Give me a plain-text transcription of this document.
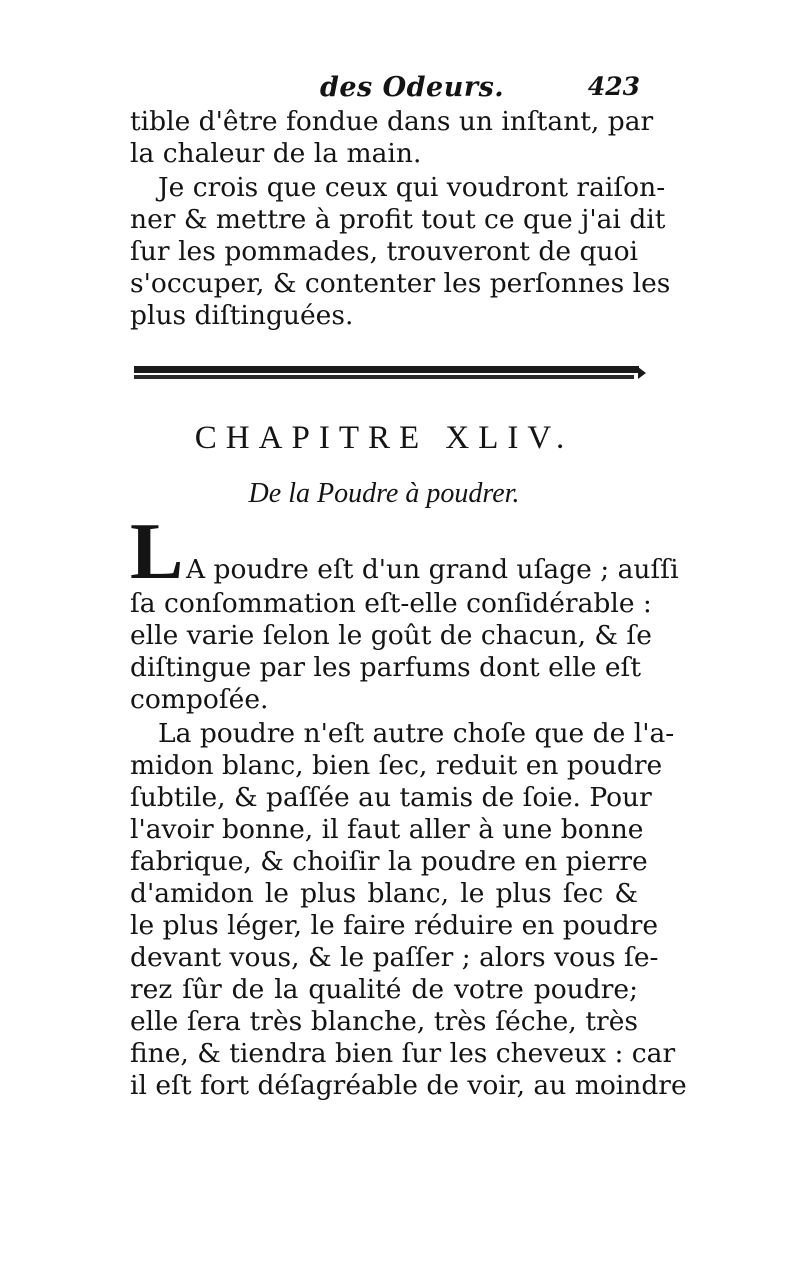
des Odeurs.	423
tible d'être fondue dans un inſtant, par
la chaleur de la main.
Je crois que ceux qui voudront raiſon-
ner & mettre à profit tout ce que j'ai dit
ſur les pommades, trouveront de quoi
s'occuper, & contenter les perſonnes les
plus diſtinguées.
CHAPITRE XLIV.
De la Poudre à poudrer.
L A poudre eſt d'un grand uſage ; auſſi
ſa conſommation eſt-elle conſidérable :
elle varie ſelon le goût de chacun, & ſe
diſtingue par les parfums dont elle eſt
compoſée.
La poudre n'eſt autre choſe que de l'a-
midon blanc, bien ſec, reduit en poudre
ſubtile, & paſſée au tamis de ſoie. Pour
l'avoir bonne, il faut aller à une bonne
fabrique, & choiſir la poudre en pierre
d'amidon le plus blanc, le plus ſec &
le plus léger, le faire réduire en poudre
devant vous, & le paſſer ; alors vous ſe-
rez ſûr de la qualité de votre poudre;
elle ſera très blanche, très ſéche, très
fine, & tiendra bien ſur les cheveux : car
il eſt fort déſagréable de voir, au moindre
